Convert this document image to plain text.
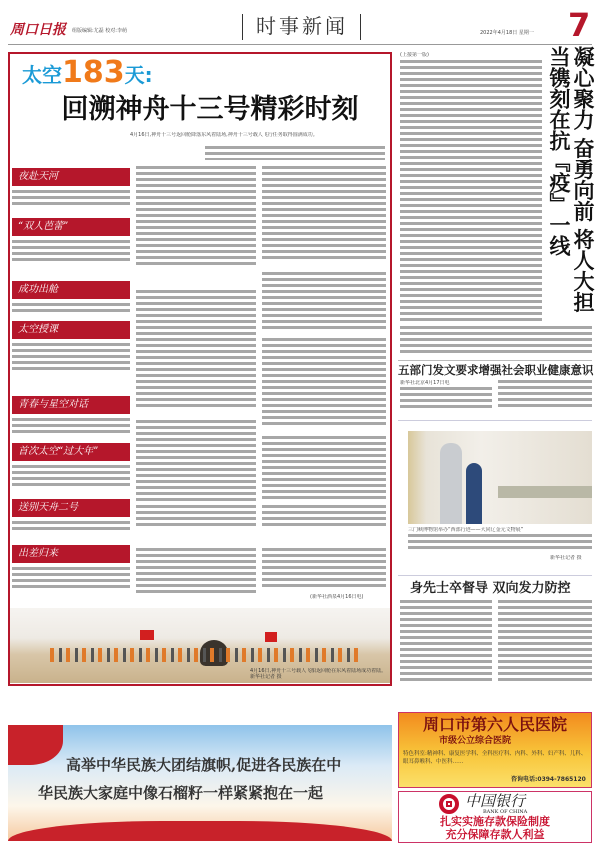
周口日报 组版编辑:尤磊 校对:李萌	时事新闻	2022年4月18日 星期一 7
太空183天:
回溯神舟十三号精彩时刻
4月16日,神舟十三号返回舱降落东风着陆场,神舟十三号载人飞行任务取得圆满成功。
夜赴天河
“双人芭蕾”
成功出舱
太空授课
青春与星空对话
首次太空“过大年”
送别天舟二号
出差归来
(新华社酒泉4月16日电)
4月16日,神舟十三号载人飞船返回舱在东风着陆场成功着陆。 新华社记者 摄
高举中华民族大团结旗帜,促进各民族在中
华民族大家庭中像石榴籽一样紧紧抱在一起
(上接第一版)	凝心聚力 奋勇向前 将人大担当镌刻在抗『疫』一线
五部门发文要求增强社会职业健康意识
新华社北京4月17日电
三门峡博物馆举办“西部行迹——大同辽金元文物展”
新华社记者 摄
身先士卒督导 双向发力防控
周口市第六人民医院
市级公立综合医院
特色科室:精神科、康复医学科、全科医疗科、内科、外科、妇产科、儿科、眼耳鼻喉科、中医科……
咨询电话:0394-7865120
中国银行
BANK OF CHINA
扎实实施存款保险制度
充分保障存款人利益
